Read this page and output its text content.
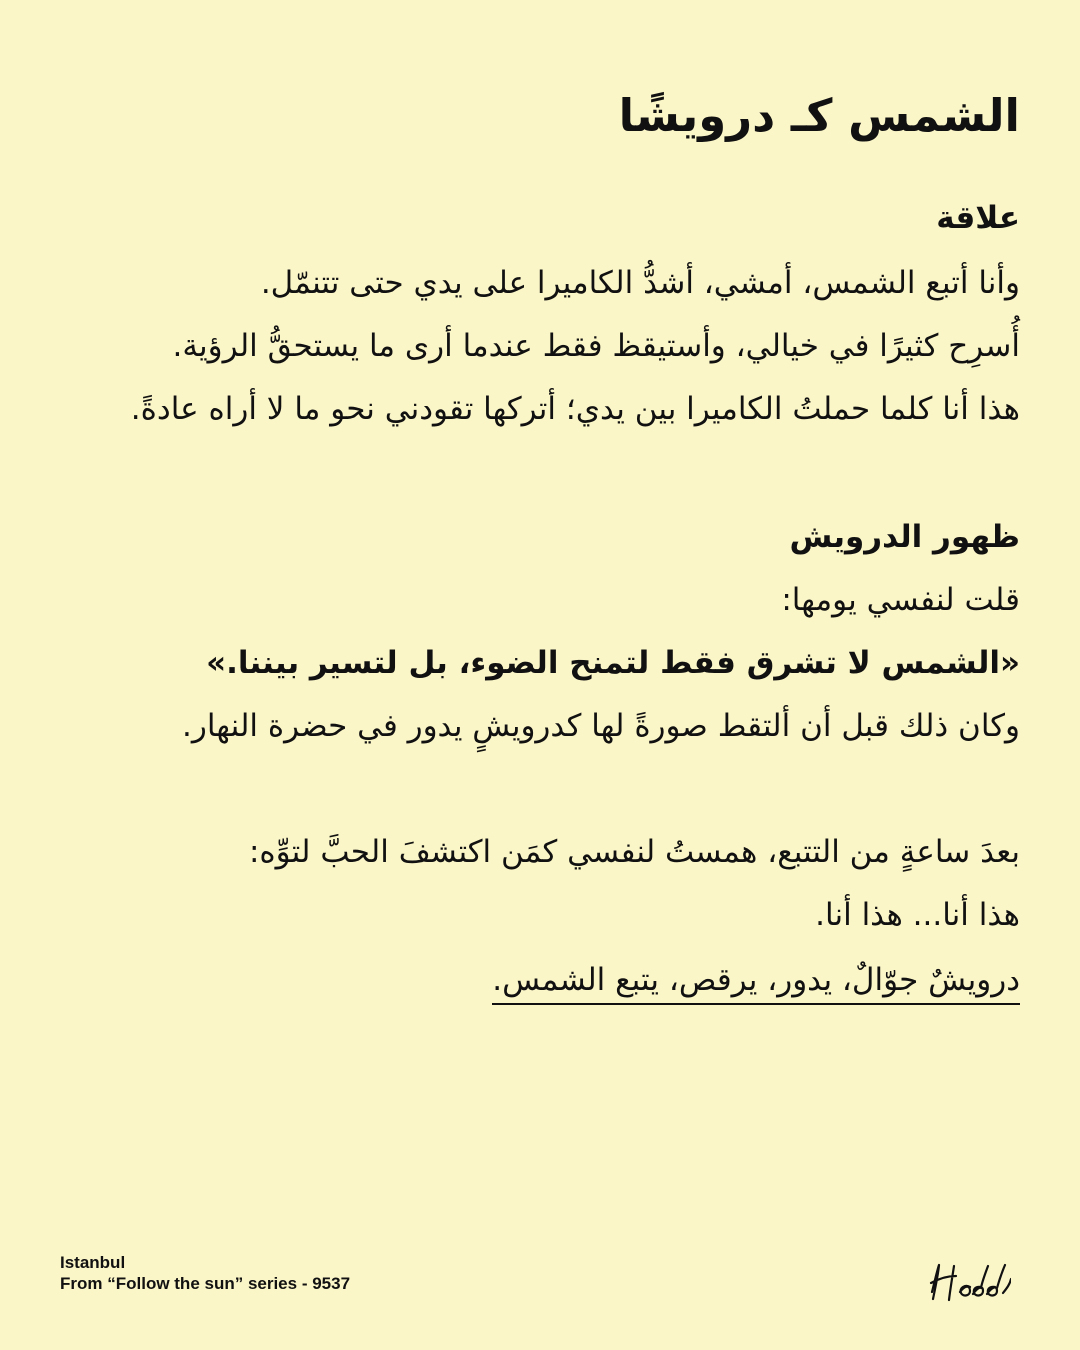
الشمس كـ درويشًا
علاقة
وأنا أتبع الشمس، أمشي، أشدُّ الكاميرا على يدي حتى تتنمّل.
أُسرِح كثيرًا في خيالي، وأستيقظ فقط عندما أرى ما يستحقُّ الرؤية.
هذا أنا كلما حملتُ الكاميرا بين يدي؛ أتركها تقودني نحو ما لا أراه عادةً.
ظهور الدرويش
قلت لنفسي يومها:
«الشمس لا تشرق فقط لتمنح الضوء، بل لتسير بيننا.»
وكان ذلك قبل أن ألتقط صورةً لها كدرويشٍ يدور في حضرة النهار.
بعدَ ساعةٍ من التتبع، همستُ لنفسي كمَن اكتشفَ الحبَّ لتوِّه:
هذا أنا... هذا أنا.
درويشٌ جوّالٌ، يدور، يرقص، يتبع الشمس.
Istanbul
From “Follow the sun” series - 9537
